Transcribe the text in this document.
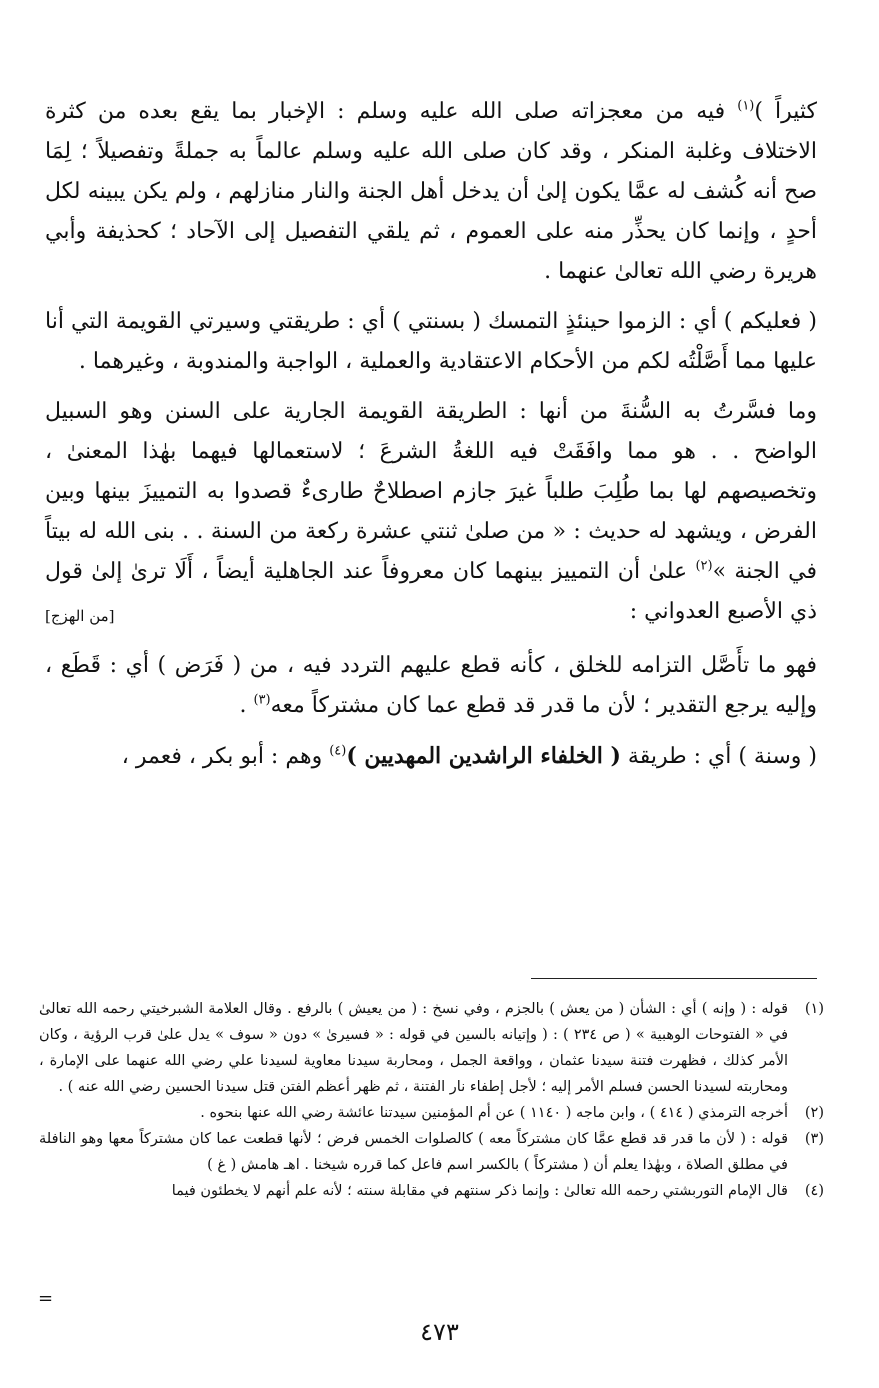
كثيراً )$^{(١)}$ فيه من معجزاته صلى الله عليه وسلم : الإخبار بما يقع بعده من كثرة الاختلاف وغلبة المنكر ، وقد كان صلى الله عليه وسلم عالماً به جملةً وتفصيلاً ؛ لِمَا صح أنه كُشف له عمَّا يكون إلىٰ أن يدخل أهل الجنة والنار منازلهم ، ولم يكن يبينه لكل أحدٍ ، وإنما كان يحذِّر منه على العموم ، ثم يلقي التفصيل إلى الآحاد ؛ كحذيفة وأبي هريرة رضي الله تعالىٰ عنهما .

( فعليكم ) أي : الزموا حينئذٍ التمسك ( بسنتي ) أي : طريقتي وسيرتي القويمة التي أنا عليها مما أَصَّلْتُه لكم من الأحكام الاعتقادية والعملية ، الواجبة والمندوبة ، وغيرهما .

وما فسَّرتُ به السُّنةَ من أنها : الطريقة القويمة الجارية على السنن وهو السبيل الواضح . . هو مما وافَقَتْ فيه اللغةُ الشرعَ ؛ لاستعمالها فيهما بهٰذا المعنىٰ ، وتخصيصهم لها بما طُلِبَ طلباً غيرَ جازم اصطلاحٌ طارىءٌ قصدوا به التمييزَ بينها وبين الفرض ، ويشهد له حديث : « من صلىٰ ثنتي عشرة ركعة من السنة . . بنى الله له بيتاً في الجنة »$^{(٢)}$ علىٰ أن التمييز بينهما كان معروفاً عند الجاهلية أيضاً ، أَلَا ترىٰ إلىٰ قول ذي الأصبع العدواني :
[من الهزج]

فهو ما تأَصَّل التزامه للخلق ، كأنه قطع عليهم التردد فيه ، من ( فَرَض ) أي : قَطَع ، وإليه يرجع التقدير ؛ لأن ما قدر قد قطع عما كان مشتركاً معه$^{(٣)}$ .

( وسنة ) أي : طريقة ( الخلفاء الراشدين المهديين )$^{(٤)}$ وهم : أبو بكر ، فعمر ،

(١)
قوله : ( وإنه ) أي : الشأن ( من يعش ) بالجزم ، وفي نسخ : ( من يعيش ) بالرفع . وقال العلامة الشبرخيتي رحمه الله تعالىٰ في « الفتوحات الوهبية » ( ص ٢٣٤ ) : ( وإتيانه بالسين في قوله : « فسيرىٰ » دون « سوف » يدل علىٰ قرب الرؤية ، وكان الأمر كذلك ، فظهرت فتنة سيدنا عثمان ، وواقعة الجمل ، ومحاربة سيدنا معاوية لسيدنا علي رضي الله عنهما على الإمارة ، ومحاربته لسيدنا الحسن فسلم الأمر إليه ؛ لأجل إطفاء نار الفتنة ، ثم ظهر أعظم الفتن قتل سيدنا الحسين رضي الله عنه ) .
(٢)
أخرجه الترمذي ( ٤١٤ ) ، وابن ماجه ( ١١٤٠ ) عن أم المؤمنين سيدتنا عائشة رضي الله عنها بنحوه .
(٣)
قوله : ( لأن ما قدر قد قطع عمَّا كان مشتركاً معه ) كالصلوات الخمس فرض ؛ لأنها قطعت عما كان مشتركاً معها وهو النافلة في مطلق الصلاة ، وبهٰذا يعلم أن ( مشتركاً ) بالكسر اسم فاعل كما قرره شيخنا . اهـ هامش ( غ )
(٤)
قال الإمام التوربشتي رحمه الله تعالىٰ : وإنما ذكر سنتهم في مقابلة سنته ؛ لأنه علم أنهم لا يخطئون فيما
=
٤٧٣
